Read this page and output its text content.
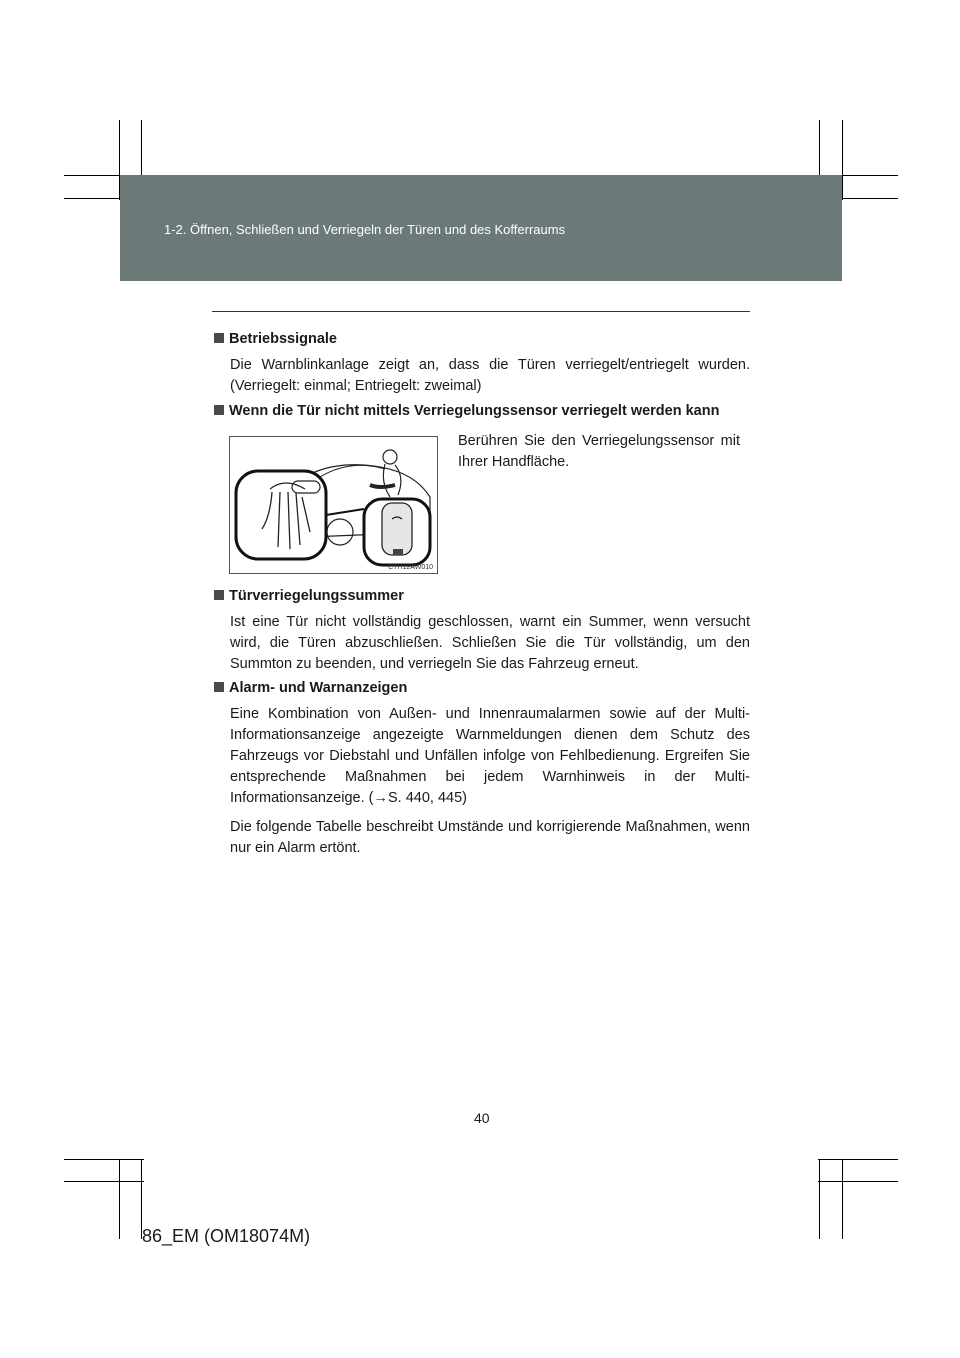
1-2. Öffnen, Schließen und Verriegeln der Türen und des Kofferraums
Betriebssignale
Die Warnblinkanlage zeigt an, dass die Türen verriegelt/entriegelt wurden. (Verriegelt: einmal; Entriegelt: zweimal)
Wenn die Tür nicht mittels Verriegelungssensor verriegelt werden kann
CTH12AW010
Berühren Sie den Verriegelungssensor mit Ihrer Handfläche.
Türverriegelungssummer
Ist eine Tür nicht vollständig geschlossen, warnt ein Summer, wenn versucht wird, die Türen abzuschließen. Schließen Sie die Tür vollständig, um den Summton zu beenden, und verriegeln Sie das Fahrzeug erneut.
Alarm- und Warnanzeigen
Eine Kombination von Außen- und Innenraumalarmen sowie auf der Multi-Informationsanzeige angezeigte Warnmeldungen dienen dem Schutz des Fahrzeugs vor Diebstahl und Unfällen infolge von Fehlbedienung. Ergreifen Sie entsprechende Maßnahmen bei jedem Warnhinweis in der Multi-Informationsanzeige. (→S. 440, 445)
Die folgende Tabelle beschreibt Umstände und korrigierende Maßnahmen, wenn nur ein Alarm ertönt.
40
86_EM (OM18074M)
